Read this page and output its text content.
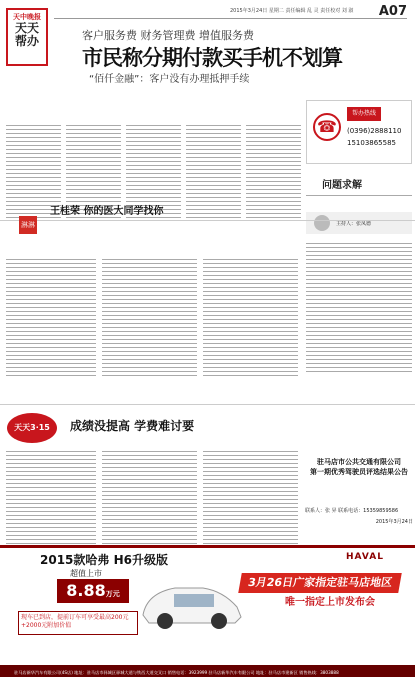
天中晚报
天天
帮办
2015年3月24日 星期二 责任编辑 乱 灵 责任校对 刘 淑 A07
客户服务费 财务管理费 增值服务费
市民称分期付款买手机不划算
“佰仟金融”：客户没有办理抵押手续
☎
帮办热线
(0396)2888110
15103865585
问题求解
主持人：张凤德
淋淋寻找
王桂荣 你的医大同学找你
天天3·15	成绩没提高 学费难讨要
驻马店市公共交通有限公司
第一期优秀驾驶员评选结果公告
联系人：张 昇 联系电话：15359859586
2015年3月24日
2015款哈弗 H6升级版	HAVAL
超值上市
8.88万元
3月26日广家指定驻马店地区
唯一指定上市发布会
现车已到店，提前订车可享受最高200元+2000元附加价值
驻马店新华汽车有限公司(4S店) 地址：驻马店市驿城区驿城大道与铁西大道交叉口 销售电话：3923999 驻马店新华汽车有限公司 地址：驻马店市建新区 销售热线：3803888
